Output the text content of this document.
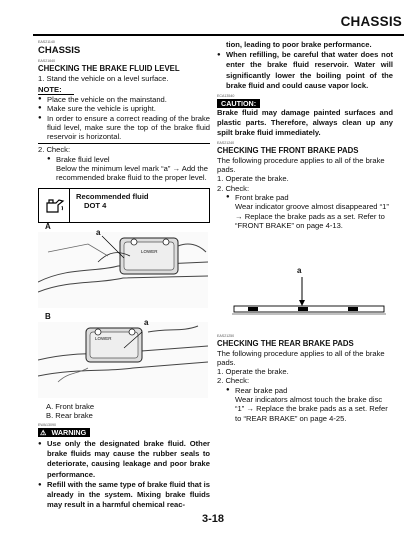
CHASSIS
EAS21140
CHASSIS
EAS21640

CHECKING THE BRAKE FLUID LEVEL

1. Stand the vehicle on a level surface.

NOTE:

● Place the vehicle on the mainstand.

● Make sure the vehicle is upright.

● In order to ensure a correct reading of the brake fluid level, make sure the top of the brake fluid reservoir is horizontal.

2. Check:

● Brake fluid level

Below the minimum level mark “a” → Add the recommended brake fluid to the proper level.

Recommended fluid
DOT 4
A
a
LOWER
B
a
LOWER

A. Front brake

B. Rear brake

EWA13090
⚠ WARNING

● Use only the designated brake fluid. Other brake fluids may cause the rubber seals to deteriorate, causing leakage and poor brake performance.

● Refill with the same type of brake fluid that is already in the system. Mixing brake fluids may result in a harmful chemical reac-

tion, leading to poor brake performance.

● When refilling, be careful that water does not enter the brake fluid reservoir. Water will significantly lower the boiling point of the brake fluid and could cause vapor lock.

ECA13540
CAUTION:

Brake fluid may damage painted surfaces and plastic parts. Therefore, always clean up any spilt brake fluid immediately.

EAS21240

CHECKING THE FRONT BRAKE PADS

The following procedure applies to all of the brake pads.

1. Operate the brake.

2. Check:

● Front brake pad

Wear indicator groove almost disappeared “1” → Replace the brake pads as a set. Refer to “FRONT BRAKE” on page 4-13.

a
EAS21250

CHECKING THE REAR BRAKE PADS

The following procedure applies to all of the brake pads.

1. Operate the brake.

2. Check:

● Rear brake pad

Wear indicators almost touch the brake disc “1” → Replace the brake pads as a set. Refer to “REAR BRAKE” on page 4-25.

3-18
